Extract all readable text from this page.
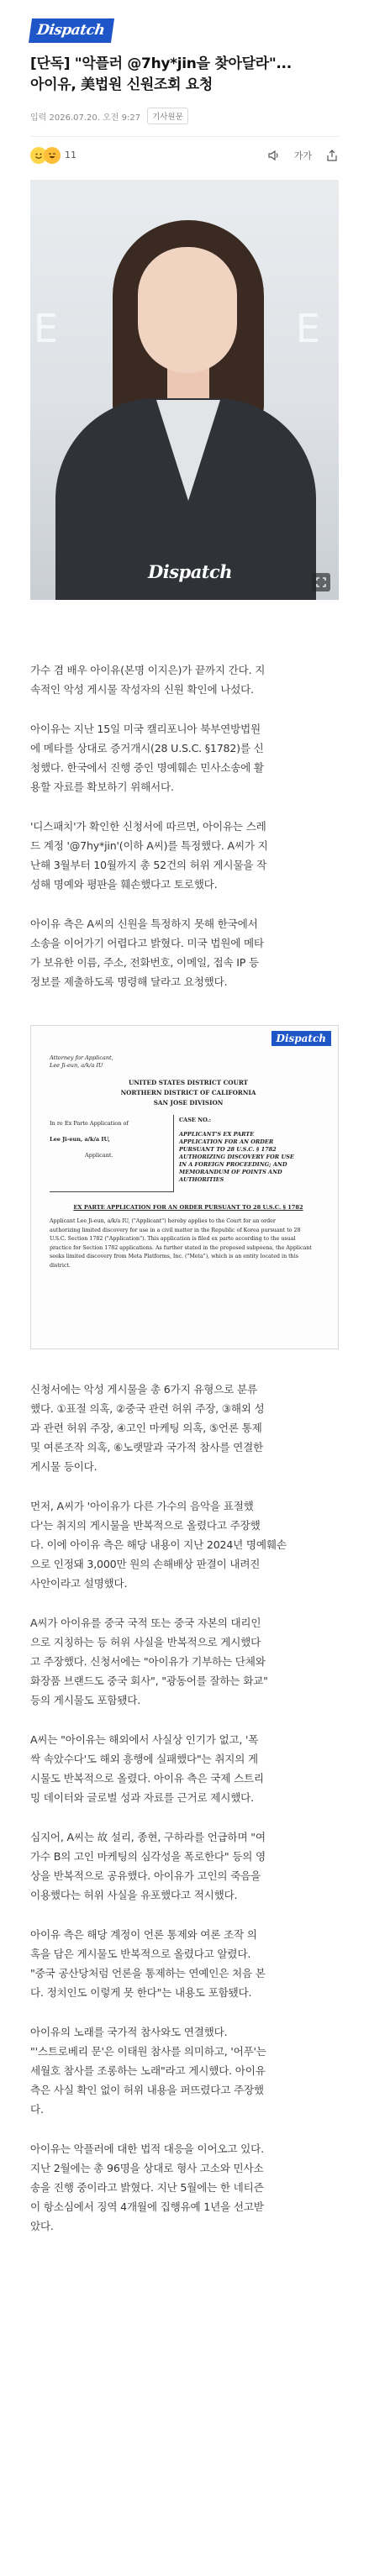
Dispatch
[단독] "악플러 @7hy*jin을 찾아달라"...
아이유, 美법원 신원조회 요청
입력 2026.07.20. 오전 9:27	기사원문
11	가가
E	E
Dispatch

가수 겸 배우 아이유(본명 이지은)가 끝까지 간다. 지
속적인 악성 게시물 작성자의 신원 확인에 나섰다.

아이유는 지난 15일 미국 캘리포니아 북부연방법원
에 메타를 상대로 증거개시(28 U.S.C. §1782)를 신
청했다. 한국에서 진행 중인 명예훼손 민사소송에 활
용할 자료를 확보하기 위해서다.

'디스패치'가 확인한 신청서에 따르면, 아이유는 스레
드 계정 '@7hy*jin'(이하 A씨)를 특정했다. A씨가 지
난해 3월부터 10월까지 총 52건의 허위 게시물을 작
성해 명예와 평판을 훼손했다고 토로했다.

아이유 측은 A씨의 신원을 특정하지 못해 한국에서
소송을 이어가기 어렵다고 밝혔다. 미국 법원에 메타
가 보유한 이름, 주소, 전화번호, 이메일, 접속 IP 등
정보를 제출하도록 명령해 달라고 요청했다.

Dispatch
Attorney for Applicant,
Lee Ji-eun, a/k/a IU
UNITED STATES DISTRICT COURT
NORTHERN DISTRICT OF CALIFORNIA
SAN JOSE DIVISION
In re Ex Parte Application of
Lee Ji-eun, a/k/a IU,
Applicant.
CASE NO.:
APPLICANT'S EX PARTE
APPLICATION FOR AN ORDER
PURSUANT TO 28 U.S.C. § 1782
AUTHORIZING DISCOVERY FOR USE
IN A FOREIGN PROCEEDING; AND
MEMORANDUM OF POINTS AND
AUTHORITIES
EX PARTE APPLICATION FOR AN ORDER PURSUANT TO 28 U.S.C. § 1782
Applicant Lee Ji-eun, a/k/a IU, ("Applicant") hereby applies to the Court for an order
authorizing limited discovery for use in a civil matter in the Republic of Korea pursuant to 28
U.S.C. Section 1782 ("Application"). This application is filed ex parte according to the usual
practice for Section 1782 applications. As further stated in the proposed subpoena, the Applicant
seeks limited discovery from Meta Platforms, Inc. ("Meta"), which is an entity located in this
district.

신청서에는 악성 게시물을 총 6가지 유형으로 분류
했다. ①표절 의혹, ②중국 관련 허위 주장, ③해외 성
과 관련 허위 주장, ④고인 마케팅 의혹, ⑤언론 통제
및 여론조작 의혹, ⑥노랫말과 국가적 참사를 연결한
게시물 등이다.

먼저, A씨가 '아이유가 다른 가수의 음악을 표절했
다'는 취지의 게시물을 반복적으로 올렸다고 주장했
다. 이에 아이유 측은 해당 내용이 지난 2024년 명예훼손
으로 인정돼 3,000만 원의 손해배상 판결이 내려진
사안이라고 설명했다.

A씨가 아이유를 중국 국적 또는 중국 자본의 대리인
으로 지칭하는 등 허위 사실을 반복적으로 게시했다
고 주장했다. 신청서에는 "아이유가 기부하는 단체와
화장품 브랜드도 중국 회사", "광동어를 잘하는 화교"
등의 게시물도 포함됐다.

A씨는 "아이유는 해외에서 사실상 인기가 없고, '폭
싹 속았수다'도 해외 흥행에 실패했다"는 취지의 게
시물도 반복적으로 올렸다. 아이유 측은 국제 스트리
밍 데이터와 글로벌 성과 자료를 근거로 제시했다.

심지어, A씨는 故 설리, 종현, 구하라를 언급하며 "여
가수 B의 고인 마케팅의 심각성을 폭로한다" 등의 영
상을 반복적으로 공유했다. 아이유가 고인의 죽음을
이용했다는 허위 사실을 유포했다고 적시했다.

아이유 측은 해당 계정이 언론 통제와 여론 조작 의
혹을 담은 게시물도 반복적으로 올렸다고 알렸다.
"중국 공산당처럼 언론을 통제하는 연예인은 처음 본
다. 정치인도 이렇게 못 한다"는 내용도 포함됐다.

아이유의 노래를 국가적 참사와도 연결했다.
"'스트로베리 문'은 이태원 참사를 의미하고, '어푸'는
세월호 참사를 조롱하는 노래"라고 게시했다. 아이유
측은 사실 확인 없이 허위 내용을 퍼뜨렸다고 주장했
다.

아이유는 악플러에 대한 법적 대응을 이어오고 있다.
지난 2월에는 총 96명을 상대로 형사 고소와 민사소
송을 진행 중이라고 밝혔다. 지난 5월에는 한 네티즌
이 항소심에서 징역 4개월에 집행유예 1년을 선고받
았다.
